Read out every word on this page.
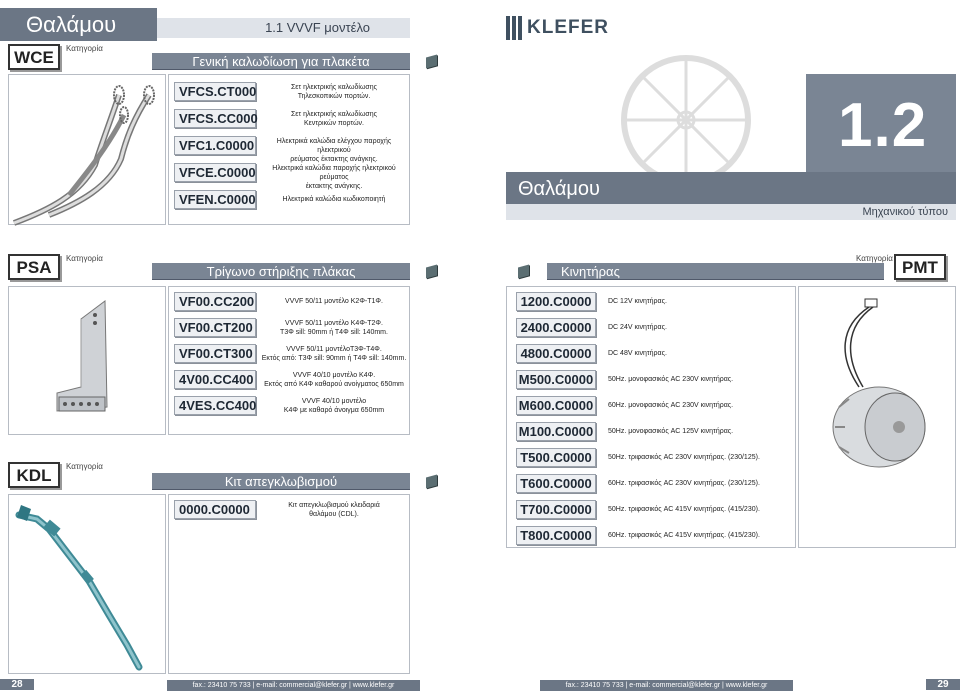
Θαλάμου	1.1 VVVF μοντέλο
WCE	Κατηγορία
Γενική καλωδίωση για πλακέτα
VFCS.CT000	Σετ ηλεκτρικής καλωδίωσης
Τηλεσκοπικών πορτών.
VFCS.CC000	Σετ ηλεκτρικής καλωδίωσης
Κεντρικών πορτών.
VFC1.C0000	Ηλεκτρικά καλώδια ελέγχου παροχής ηλεκτρικού
ρεύματος έκτακτης ανάγκης.
VFCE.C0000	Ηλεκτρικά καλώδια παροχής ηλεκτρικού ρεύματος
έκτακτης ανάγκης.
VFEN.C0000	Ηλεκτρικά καλώδια κωδικοποιητή
PSA	Κατηγορία
Τρίγωνο στήριξης πλάκας
VF00.CC200	VVVF 50/11 μοντέλο Κ2Φ-Τ1Φ.
VF00.CT200	VVVF 50/11 μοντέλο Κ4Φ-Τ2Φ.
Τ3Φ sill: 90mm ή Τ4Φ sill: 140mm.
VF00.CT300	VVVF 50/11 μοντέλοΤ3Φ-Τ4Φ.
Εκτός από: Τ3Φ sill: 90mm ή Τ4Φ sill: 140mm.
4V00.CC400	VVVF 40/10 μοντέλο Κ4Φ.
Εκτός από Κ4Φ καθαρού ανοίγματος 650mm
4VES.CC400	VVVF 40/10 μοντέλο
Κ4Φ με καθαρό άνοιγμα 650mm
KDL	Κατηγορία
Κιτ απεγκλωβισμού
0000.C0000	Κιτ απεγκλωβισμού κλειδαριά
θαλάμου (CDL).
28	fax.: 23410 75 733 | e-mail: commercial@klefer.gr | www.klefer.gr
KLEFER
1.2
Θαλάμου
Μηχανικού τύπου
Κινητήρας
Κατηγορία PMT
1200.C0000	DC 12V κινητήρας.
2400.C0000	DC 24V κινητήρας.
4800.C0000	DC 48V κινητήρας.
M500.C0000	50Hz. μονοφασικός AC 230V κινητήρας.
M600.C0000	60Hz. μονοφασικός AC 230V κινητήρας.
M100.C0000	50Hz. μονοφασικός AC 125V κινητήρας.
T500.C0000	50Hz. τριφασικός AC 230V κινητήρας. (230/125).
T600.C0000	60Hz. τριφασικός AC 230V κινητήρας. (230/125).
T700.C0000	50Hz. τριφασικός AC 415V κινητήρας. (415/230).
T800.C0000	60Hz. τριφασικός AC 415V κινητήρας. (415/230).
fax.: 23410 75 733 | e-mail: commercial@klefer.gr | www.klefer.gr	29
